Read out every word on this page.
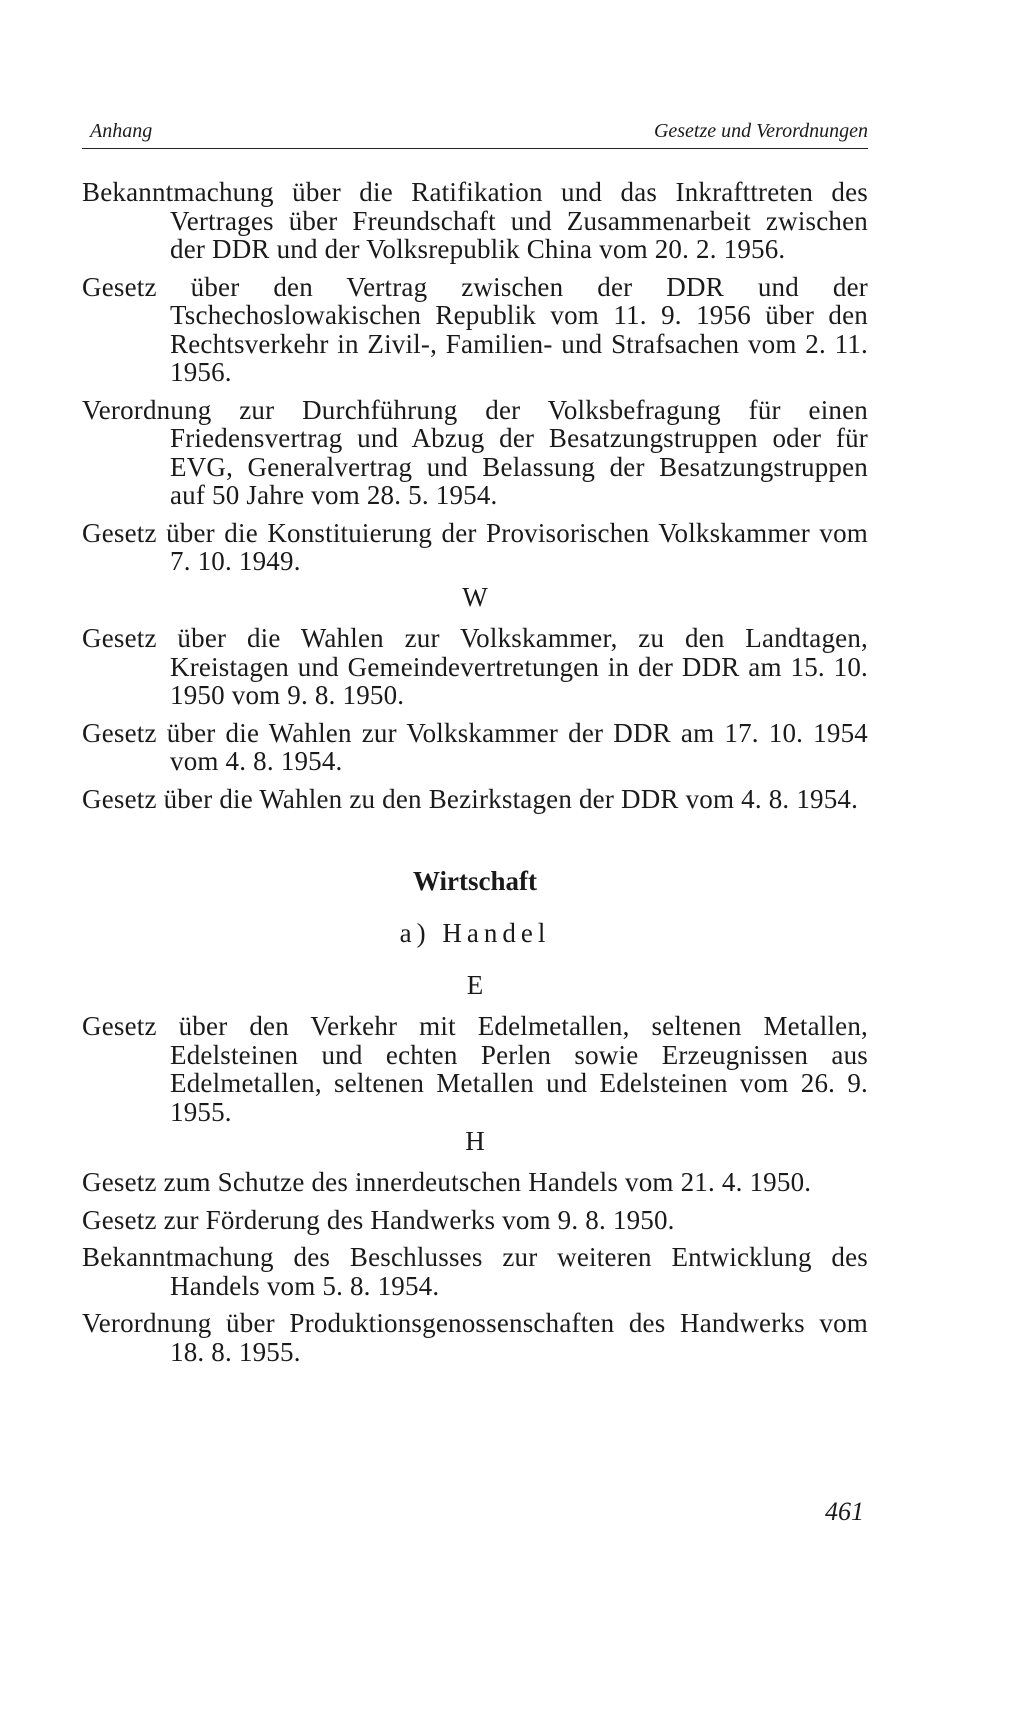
Anhang	Gesetze und Verordnungen

Bekanntmachung über die Ratifikation und das Inkrafttreten des Vertrages über Freundschaft und Zusammenarbeit zwischen der DDR und der Volksrepublik China vom 20. 2. 1956.

Gesetz über den Vertrag zwischen der DDR und der Tschechoslowakischen Republik vom 11. 9. 1956 über den Rechtsverkehr in Zivil-, Familien- und Strafsachen vom 2. 11. 1956.

Verordnung zur Durchführung der Volksbefragung für einen Friedensvertrag und Abzug der Besatzungstruppen oder für EVG, Generalvertrag und Belassung der Besatzungstruppen auf 50 Jahre vom 28. 5. 1954.

Gesetz über die Konstituierung der Provisorischen Volkskammer vom 7. 10. 1949.

W

Gesetz über die Wahlen zur Volkskammer, zu den Landtagen, Kreistagen und Gemeindevertretungen in der DDR am 15. 10. 1950 vom 9. 8. 1950.

Gesetz über die Wahlen zur Volkskammer der DDR am 17. 10. 1954 vom 4. 8. 1954.

Gesetz über die Wahlen zu den Bezirkstagen der DDR vom 4. 8. 1954.

Wirtschaft

a) Handel

E

Gesetz über den Verkehr mit Edelmetallen, seltenen Metallen, Edelsteinen und echten Perlen sowie Erzeugnissen aus Edelmetallen, seltenen Metallen und Edelsteinen vom 26. 9. 1955.

H

Gesetz zum Schutze des innerdeutschen Handels vom 21. 4. 1950.

Gesetz zur Förderung des Handwerks vom 9. 8. 1950.

Bekanntmachung des Beschlusses zur weiteren Entwicklung des Handels vom 5. 8. 1954.

Verordnung über Produktionsgenossenschaften des Handwerks vom 18. 8. 1955.

461
